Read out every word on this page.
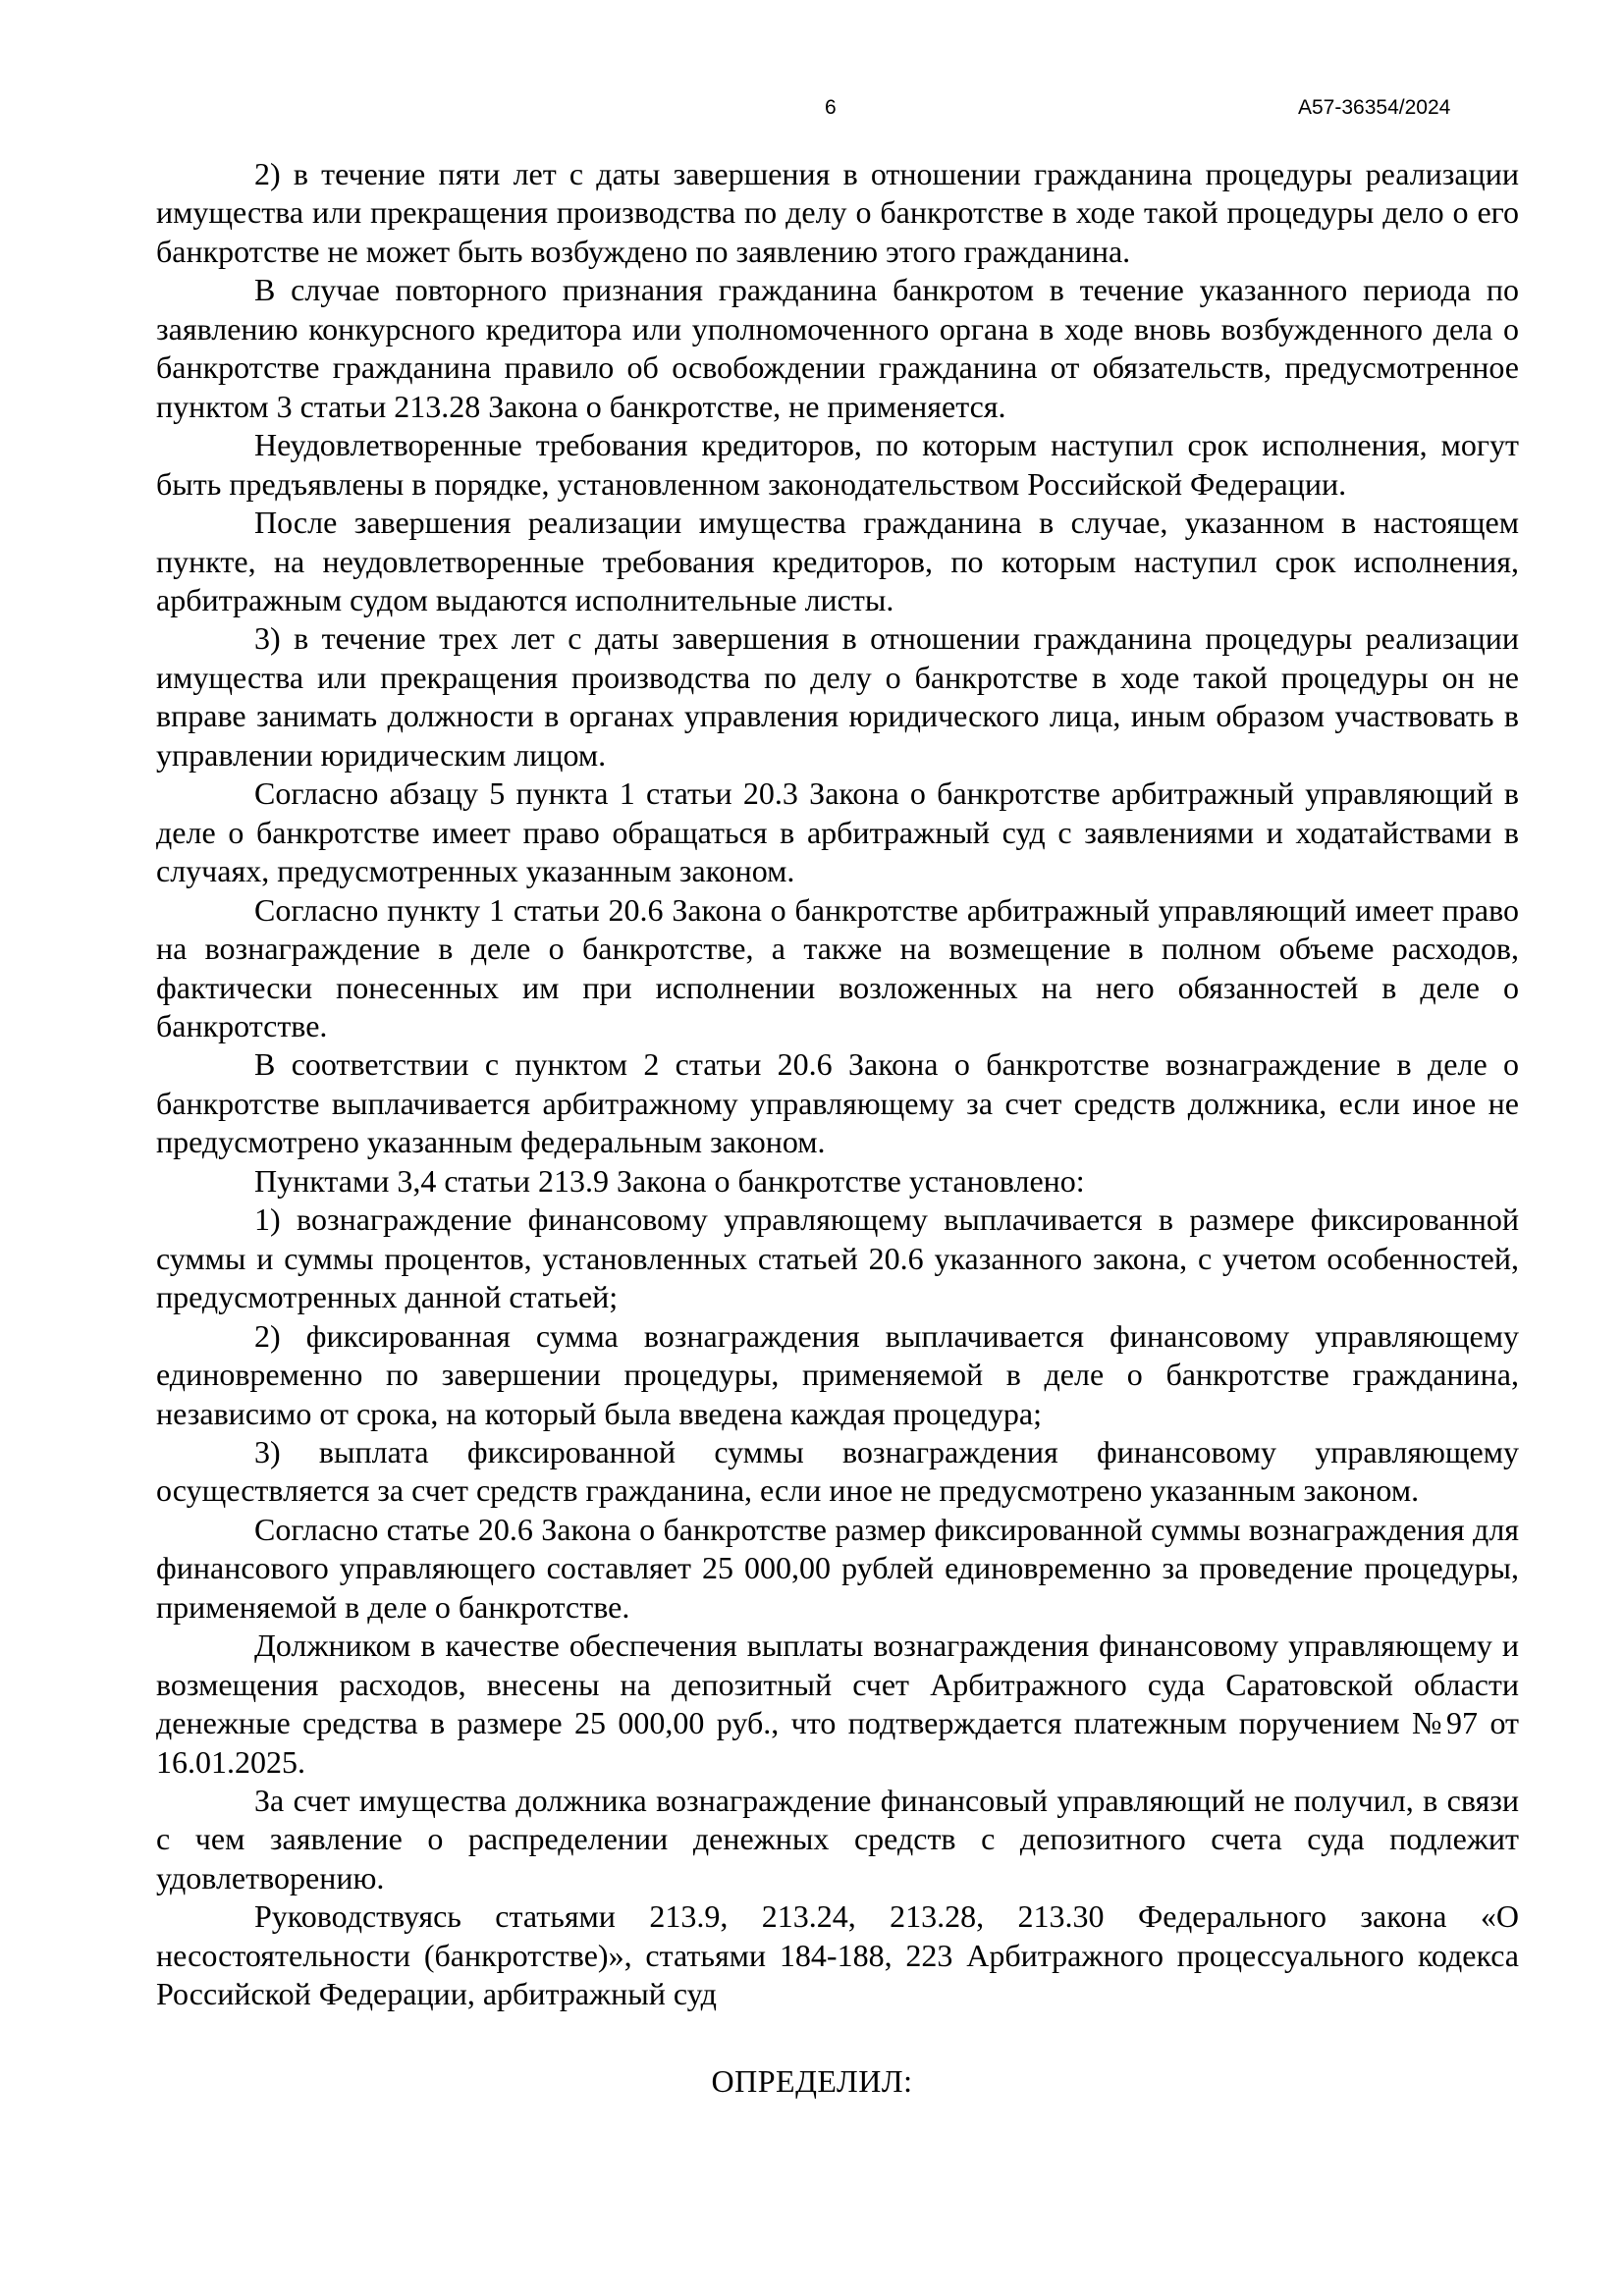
6	А57-36354/2024

2) в течение пяти лет с даты завершения в отношении гражданина процедуры реализации имущества или прекращения производства по делу о банкротстве в ходе такой процедуры дело о его банкротстве не может быть возбуждено по заявлению этого гражданина.

В случае повторного признания гражданина банкротом в течение указанного периода по заявлению конкурсного кредитора или уполномоченного органа в ходе вновь возбужденного дела о банкротстве гражданина правило об освобождении гражданина от обязательств, предусмотренное пунктом 3 статьи 213.28 Закона о банкротстве, не применяется.

Неудовлетворенные требования кредиторов, по которым наступил срок исполнения, могут быть предъявлены в порядке, установленном законодательством Российской Федерации.

После завершения реализации имущества гражданина в случае, указанном в настоящем пункте, на неудовлетворенные требования кредиторов, по которым наступил срок исполнения, арбитражным судом выдаются исполнительные листы.

3) в течение трех лет с даты завершения в отношении гражданина процедуры реализации имущества или прекращения производства по делу о банкротстве в ходе такой процедуры он не вправе занимать должности в органах управления юридического лица, иным образом участвовать в управлении юридическим лицом.

Согласно абзацу 5 пункта 1 статьи 20.3 Закона о банкротстве арбитражный управляющий в деле о банкротстве имеет право обращаться в арбитражный суд с заявлениями и ходатайствами в случаях, предусмотренных указанным законом.

Согласно пункту 1 статьи 20.6 Закона о банкротстве арбитражный управляющий имеет право на вознаграждение в деле о банкротстве, а также на возмещение в полном объеме расходов, фактически понесенных им при исполнении возложенных на него обязанностей в деле о банкротстве.

В соответствии с пунктом 2 статьи 20.6 Закона о банкротстве вознаграждение в деле о банкротстве выплачивается арбитражному управляющему за счет средств должника, если иное не предусмотрено указанным федеральным законом.

Пунктами 3,4 статьи 213.9 Закона о банкротстве установлено:

1) вознаграждение финансовому управляющему выплачивается в размере фиксированной суммы и суммы процентов, установленных статьей 20.6 указанного закона, с учетом особенностей, предусмотренных данной статьей;

2) фиксированная сумма вознаграждения выплачивается финансовому управляющему единовременно по завершении процедуры, применяемой в деле о банкротстве гражданина, независимо от срока, на который была введена каждая процедура;

3) выплата фиксированной суммы вознаграждения финансовому управляющему осуществляется за счет средств гражданина, если иное не предусмотрено указанным законом.

Согласно статье 20.6 Закона о банкротстве размер фиксированной суммы вознаграждения для финансового управляющего составляет 25 000,00 рублей единовременно за проведение процедуры, применяемой в деле о банкротстве.

Должником в качестве обеспечения выплаты вознаграждения финансовому управляющему и возмещения расходов, внесены на депозитный счет Арбитражного суда Саратовской области денежные средства в размере 25 000,00 руб., что подтверждается платежным поручением №97 от 16.01.2025.

За счет имущества должника вознаграждение финансовый управляющий не получил, в связи с чем заявление о распределении денежных средств с депозитного счета суда подлежит удовлетворению.

Руководствуясь статьями 213.9, 213.24, 213.28, 213.30 Федерального закона «О несостоятельности (банкротстве)», статьями 184-188, 223 Арбитражного процессуального кодекса Российской Федерации, арбитражный суд

ОПРЕДЕЛИЛ:
